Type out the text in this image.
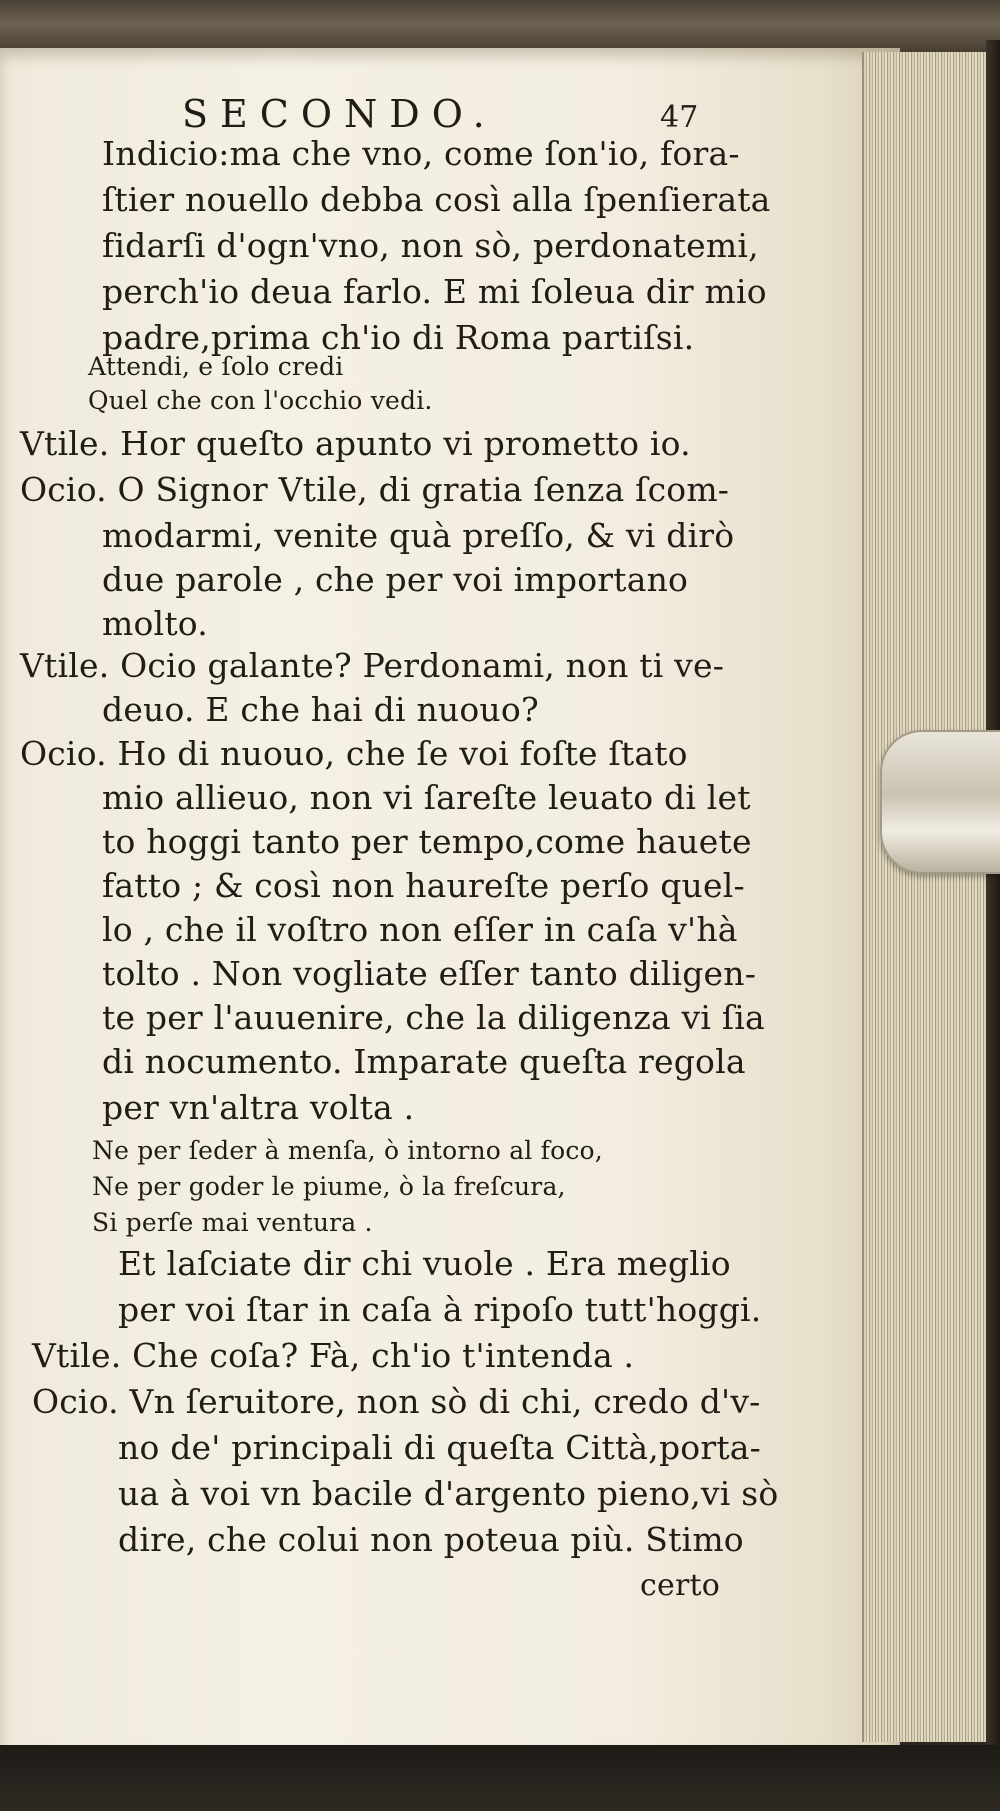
SECONDO.	47
Indicio:ma che vno, come ſon'io, fora-
ſtier nouello debba così alla ſpenſierata
fidarſi d'ogn'vno, non sò, perdonatemi,
perch'io deua farlo. E mi ſoleua dir mio
padre,prima ch'io di Roma partiſsi.
Attendi, e ſolo credi
Quel che con l'occhio vedi.
Vtile. Hor queſto apunto vi prometto io.
Ocio. O Signor Vtile, di gratia ſenza ſcom-
modarmi, venite quà preſſo, & vi dirò
due parole , che per voi importano
molto.
Vtile. Ocio galante? Perdonami, non ti ve-
deuo. E che hai di nuouo?
Ocio. Ho di nuouo, che ſe voi foſte ſtato
mio allieuo, non vi ſareſte leuato di let
to hoggi tanto per tempo,come hauete
fatto ; & così non haureſte perſo quel-
lo , che il voſtro non eſſer in caſa v'hà
tolto . Non vogliate eſſer tanto diligen-
te per l'auuenire, che la diligenza vi ſia
di nocumento. Imparate queſta regola
per vn'altra volta .
Ne per ſeder à menſa, ò intorno al foco,
Ne per goder le piume, ò la freſcura,
Si perſe mai ventura .
Et laſciate dir chi vuole . Era meglio
per voi ſtar in caſa à ripoſo tutt'hoggi.
Vtile. Che coſa? Fà, ch'io t'intenda .
Ocio. Vn ſeruitore, non sò di chi, credo d'v-
no de' principali di queſta Città,porta-
ua à voi vn bacile d'argento pieno,vi sò
dire, che colui non poteua più. Stimo
certo
